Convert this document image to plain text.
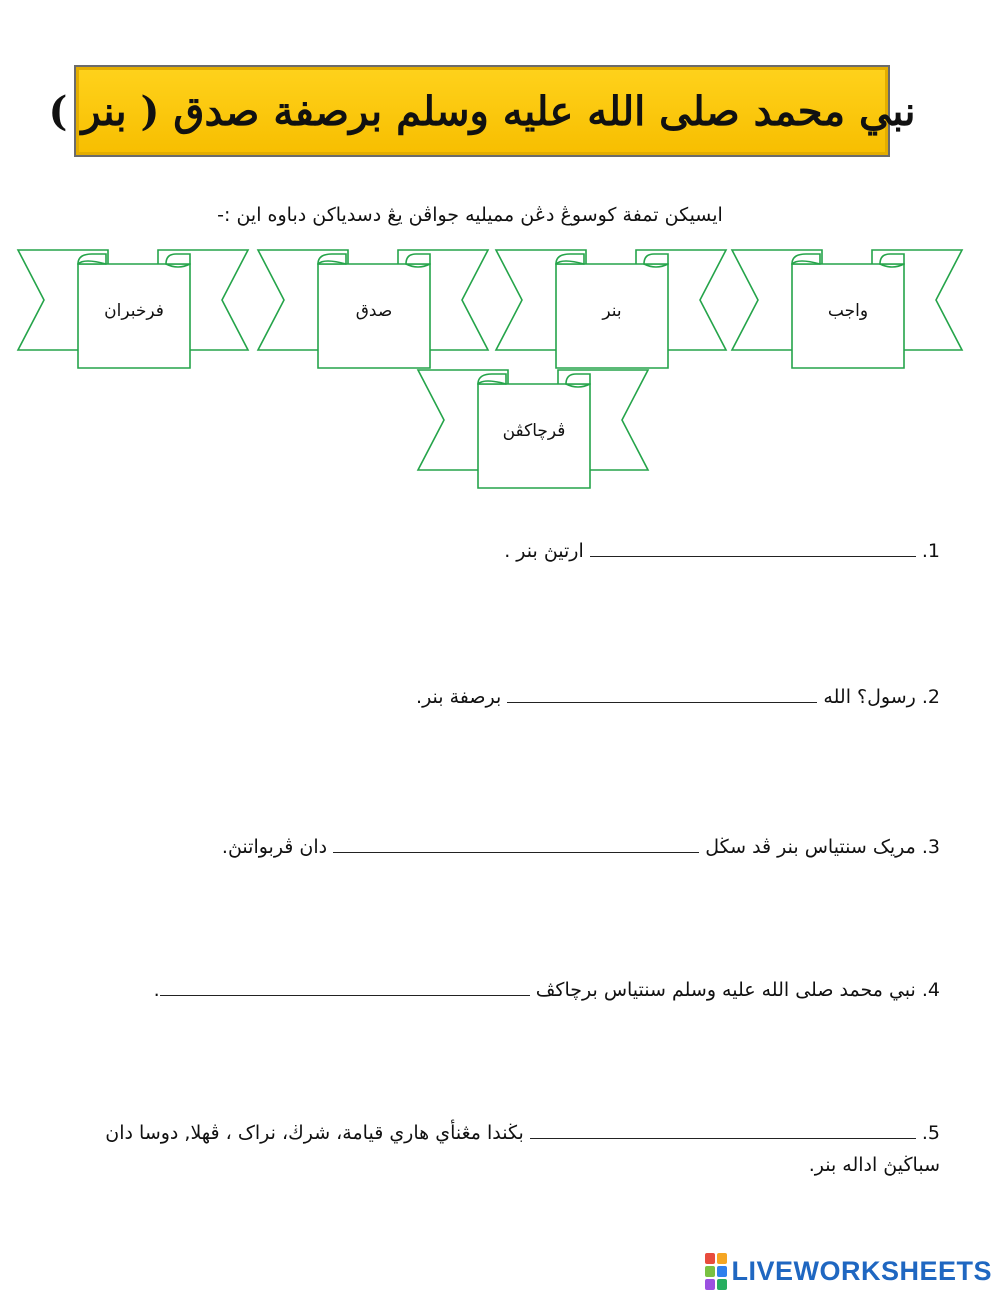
نبي محمد صلى الله عليه وسلم برصفة صدق ( بنر )
ايسيكن تمفة كوسوڠ دڠن مميليه جواڤن يڠ دسدياكن دباوه اين :-
واجب
بنر
صدق
فرخبران
ڤرچاكڤن
1.  ارتيڽ بنر .
2. رسول؟ الله  برصفة بنر.
3. مريک سنتياس بنر ڤد سڬل  دان ڤربواتنڽ.
4. نبي محمد صلى الله عليه وسلم سنتياس برچاكڤ .
5.  بڬندا مڠنأي هاري قيامة، شرڬ، نراک ، ڤهلا, دوسا دان سباڬيڽ اداله بنر.
LIVEWORKSHEETS
